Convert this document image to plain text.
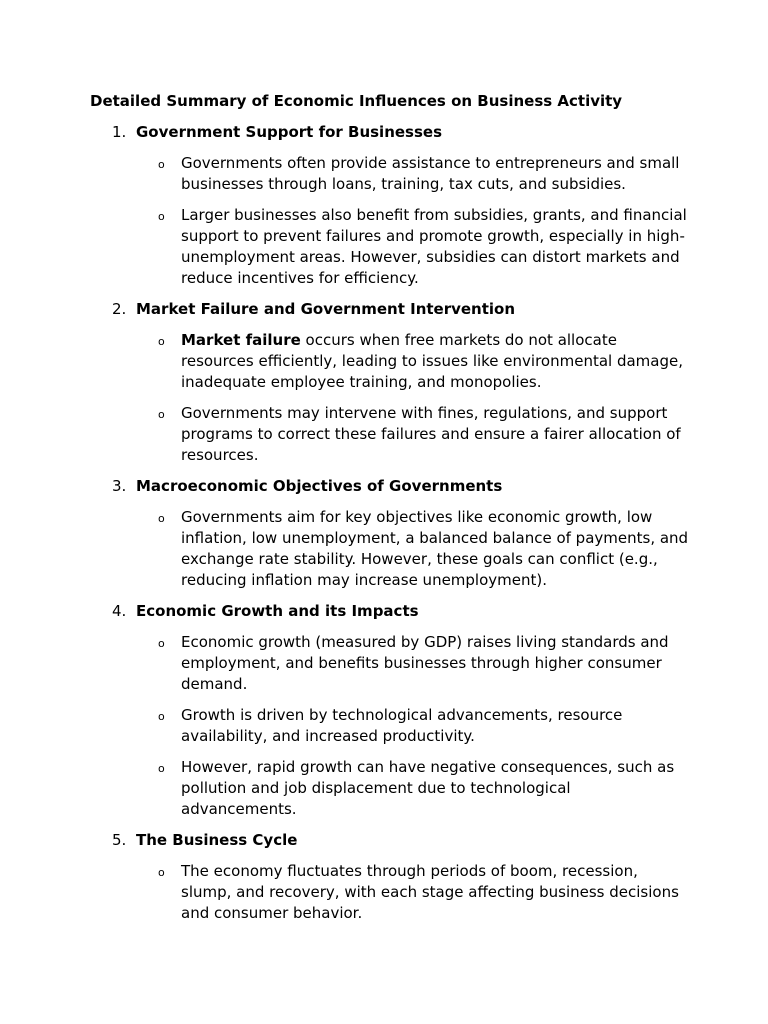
Detailed Summary of Economic Influences on Business Activity
1. Government Support for Businesses
o Governments often provide assistance to entrepreneurs and small businesses through loans, training, tax cuts, and subsidies.
o Larger businesses also benefit from subsidies, grants, and financial support to prevent failures and promote growth, especially in high-unemployment areas. However, subsidies can distort markets and reduce incentives for efficiency.
2. Market Failure and Government Intervention
o Market failure occurs when free markets do not allocate resources efficiently, leading to issues like environmental damage, inadequate employee training, and monopolies.
o Governments may intervene with fines, regulations, and support programs to correct these failures and ensure a fairer allocation of resources.
3. Macroeconomic Objectives of Governments
o Governments aim for key objectives like economic growth, low inflation, low unemployment, a balanced balance of payments, and exchange rate stability. However, these goals can conflict (e.g., reducing inflation may increase unemployment).
4. Economic Growth and its Impacts
o Economic growth (measured by GDP) raises living standards and employment, and benefits businesses through higher consumer demand.
o Growth is driven by technological advancements, resource availability, and increased productivity.
o However, rapid growth can have negative consequences, such as pollution and job displacement due to technological advancements.
5. The Business Cycle
o The economy fluctuates through periods of boom, recession, slump, and recovery, with each stage affecting business decisions and consumer behavior.
